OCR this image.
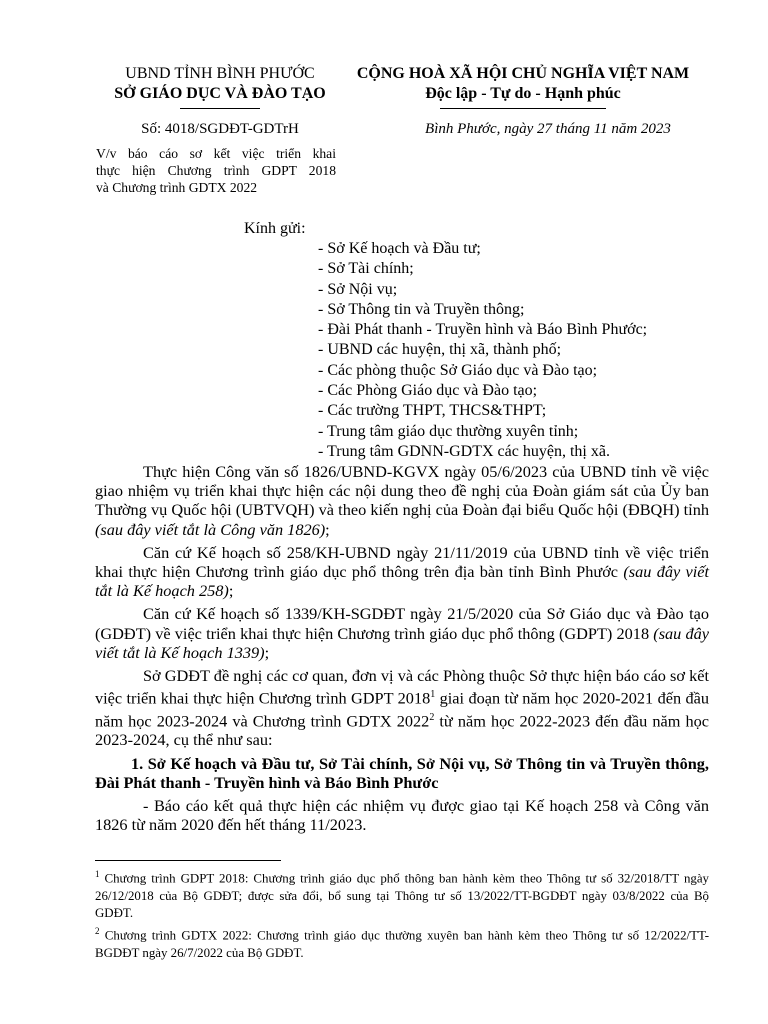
UBND TỈNH BÌNH PHƯỚC
SỞ GIÁO DỤC VÀ ĐÀO TẠO
CỘNG HOÀ XÃ HỘI CHỦ NGHĨA VIỆT NAM
Độc lập - Tự do - Hạnh phúc
Số: 4018/SGDĐT-GDTrH	Bình Phước, ngày 27 tháng 11 năm 2023
V/v báo cáo sơ kết việc triển khai
thực hiện Chương trình GDPT 2018
và Chương trình GDTX 2022
Kính gửi:
- Sở Kế hoạch và Đầu tư;
- Sở Tài chính;
- Sở Nội vụ;
- Sở Thông tin và Truyền thông;
- Đài Phát thanh - Truyền hình và Báo Bình Phước;
- UBND các huyện, thị xã, thành phố;
- Các phòng thuộc Sở Giáo dục và Đào tạo;
- Các Phòng Giáo dục và Đào tạo;
- Các trường THPT, THCS&THPT;
- Trung tâm giáo dục thường xuyên tỉnh;
- Trung tâm GDNN-GDTX các huyện, thị xã.

Thực hiện Công văn số 1826/UBND-KGVX ngày 05/6/2023 của UBND tỉnh về việc giao nhiệm vụ triển khai thực hiện các nội dung theo đề nghị của Đoàn giám sát của Ủy ban Thường vụ Quốc hội (UBTVQH) và theo kiến nghị của Đoàn đại biểu Quốc hội (ĐBQH) tỉnh (sau đây viết tắt là Công văn 1826);

Căn cứ Kế hoạch số 258/KH-UBND ngày 21/11/2019 của UBND tỉnh về việc triển khai thực hiện Chương trình giáo dục phổ thông trên địa bàn tỉnh Bình Phước (sau đây viết tắt là Kế hoạch 258);

Căn cứ Kế hoạch số 1339/KH-SGDĐT ngày 21/5/2020 của Sở Giáo dục và Đào tạo (GDĐT) về việc triển khai thực hiện Chương trình giáo dục phổ thông (GDPT) 2018 (sau đây viết tắt là Kế hoạch 1339);

Sở GDĐT đề nghị các cơ quan, đơn vị và các Phòng thuộc Sở thực hiện báo cáo sơ kết việc triển khai thực hiện Chương trình GDPT 2018$^1$ giai đoạn từ năm học 2020-2021 đến đầu năm học 2023-2024 và Chương trình GDTX 2022$^2$ từ năm học 2022-2023 đến đầu năm học 2023-2024, cụ thể như sau:

1. Sở Kế hoạch và Đầu tư, Sở Tài chính, Sở Nội vụ, Sở Thông tin và Truyền thông, Đài Phát thanh - Truyền hình và Báo Bình Phước

- Báo cáo kết quả thực hiện các nhiệm vụ được giao tại Kế hoạch 258 và Công văn 1826 từ năm 2020 đến hết tháng 11/2023.

$^1$ Chương trình GDPT 2018: Chương trình giáo dục phổ thông ban hành kèm theo Thông tư số 32/2018/TT ngày 26/12/2018 của Bộ GDĐT; được sửa đổi, bổ sung tại Thông tư số 13/2022/TT-BGDĐT ngày 03/8/2022 của Bộ GDĐT.

$^2$ Chương trình GDTX 2022: Chương trình giáo dục thường xuyên ban hành kèm theo Thông tư số 12/2022/TT-BGDĐT ngày 26/7/2022 của Bộ GDĐT.
